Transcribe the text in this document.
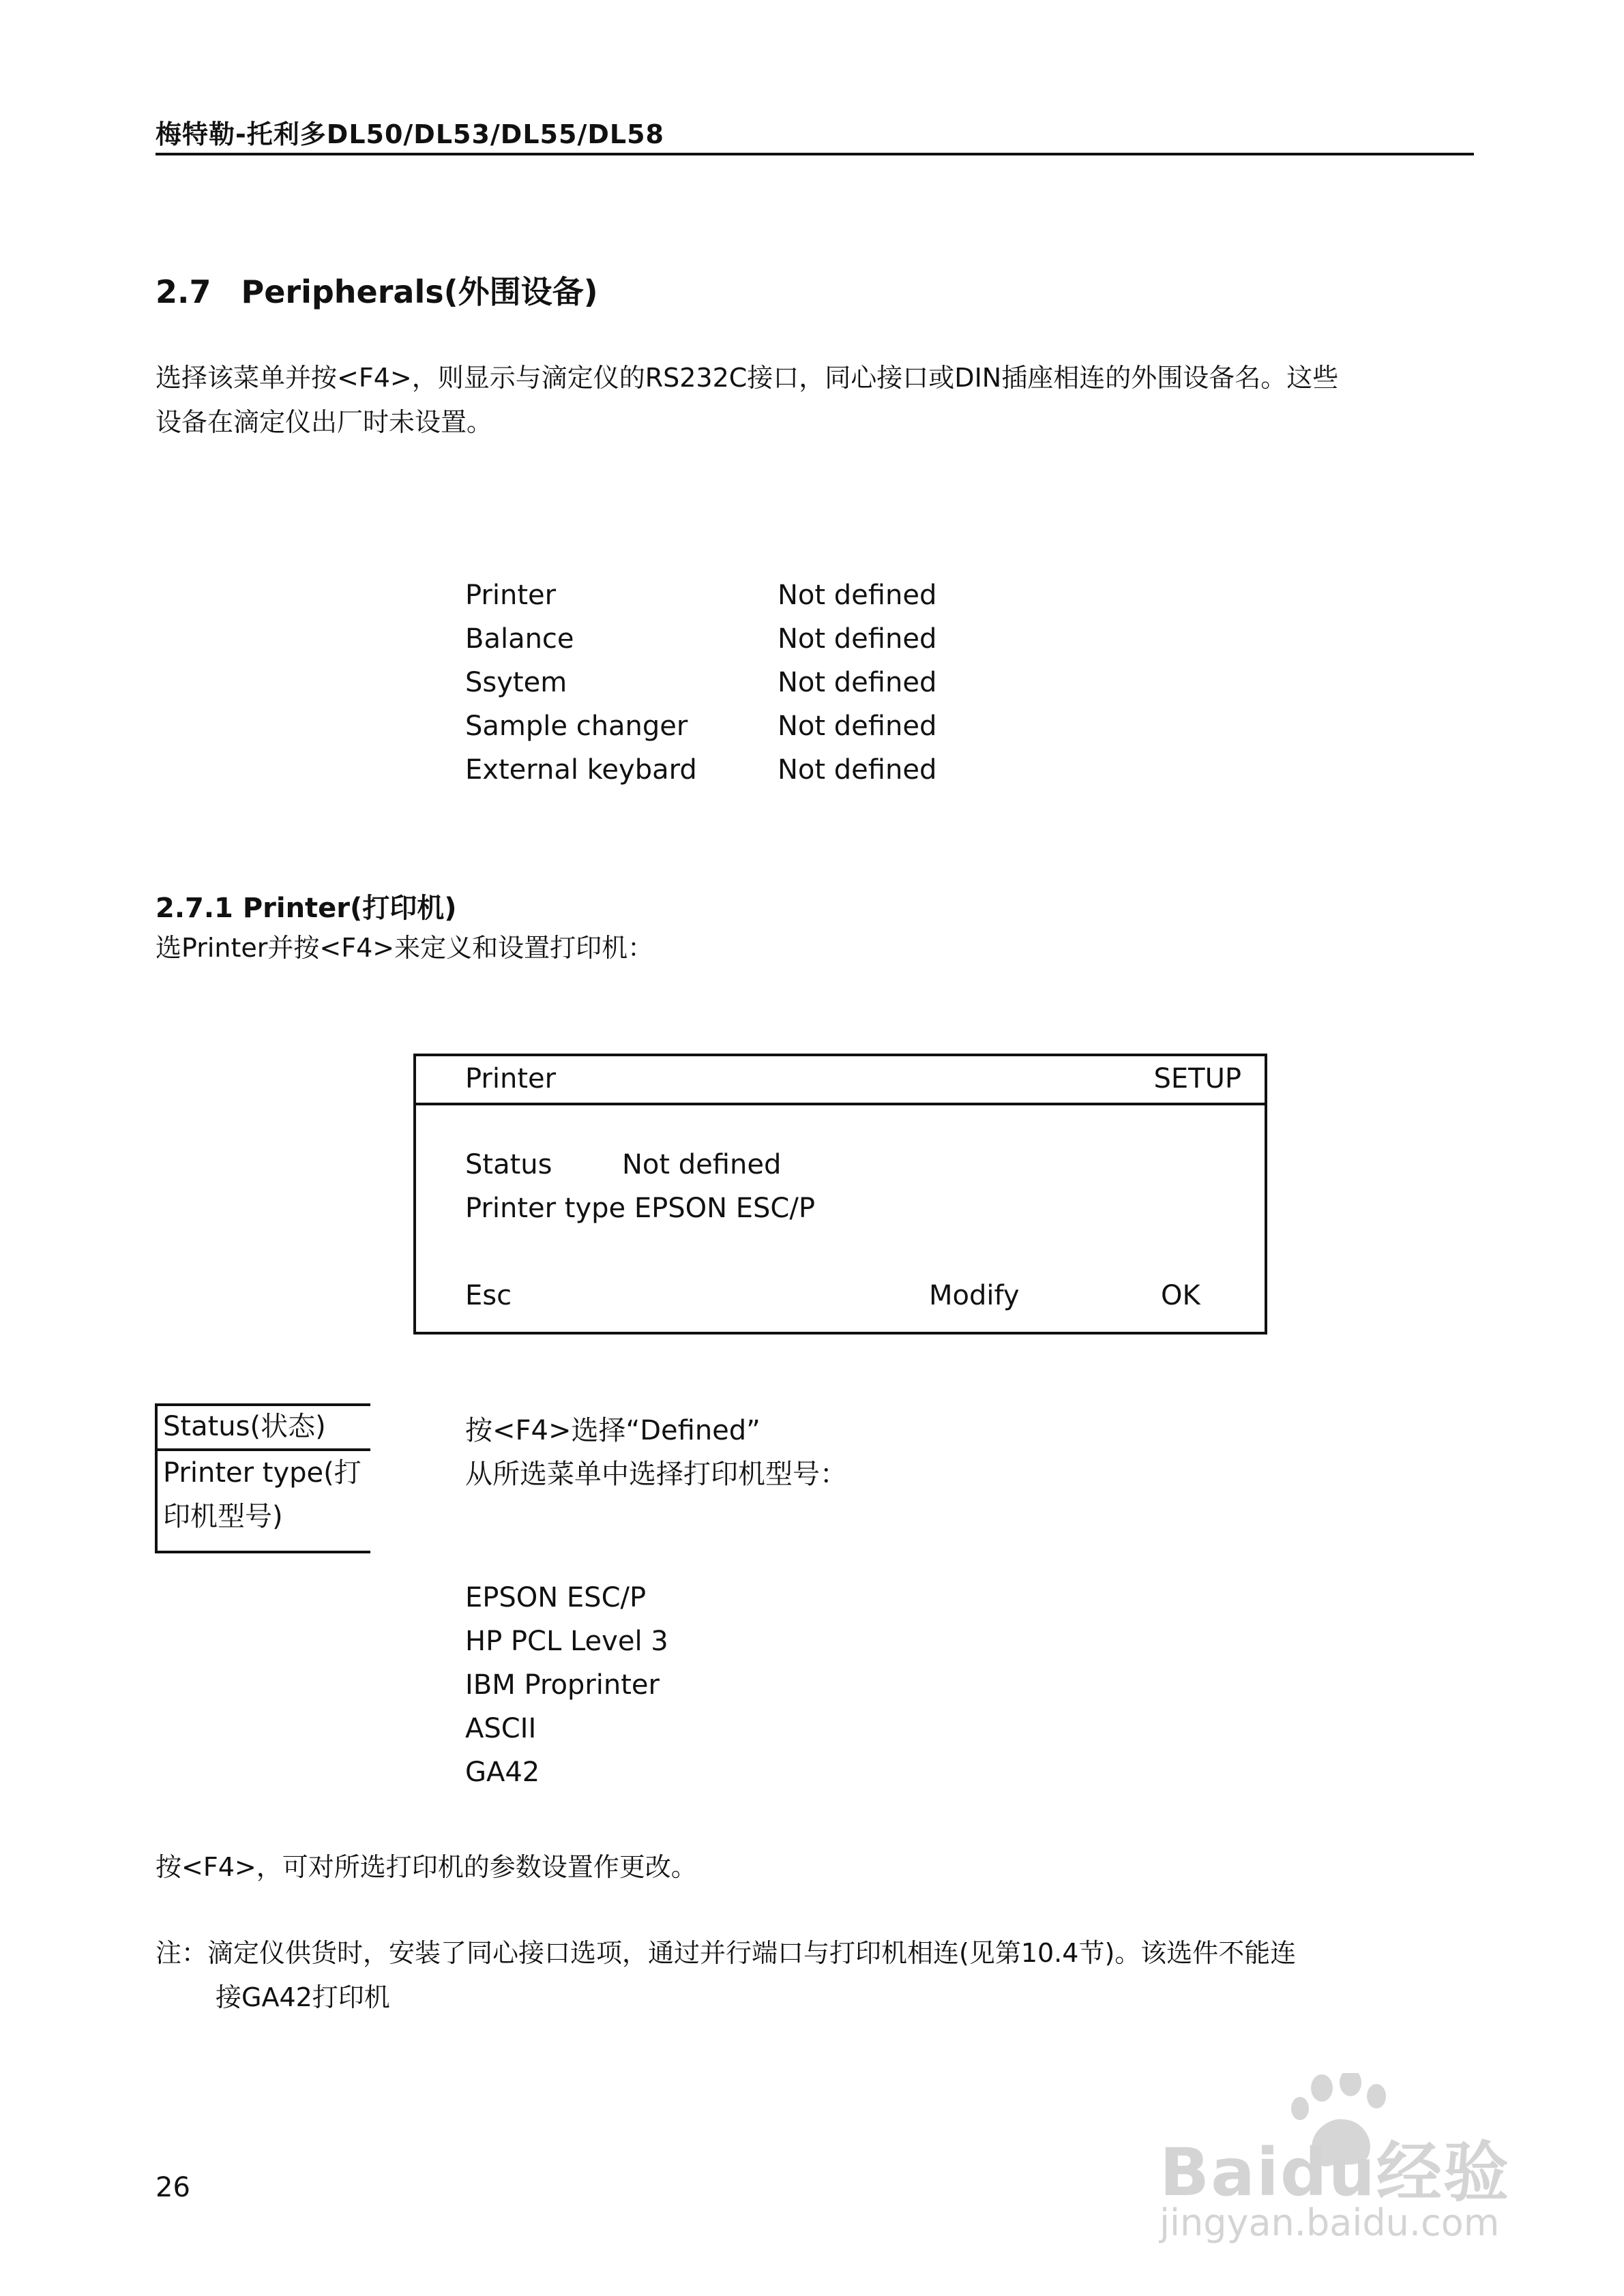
梅特勒-托利多DL50/DL53/DL55/DL58
2.7 Peripherals(外围设备)
选择该菜单并按<F4>，则显示与滴定仪的RS232C接口，同心接口或DIN插座相连的外围设备名。这些
设备在滴定仪出厂时未设置。
Printer	Not defined
Balance	Not defined
Ssytem	Not defined
Sample changer	Not defined
External keybard	Not defined
2.7.1 Printer(打印机)
选Printer并按<F4>来定义和设置打印机：
Printer	SETUP
Status	Not defined
Printer type EPSON ESC/P
Esc	Modify	OK
Status(状态)
Printer type(打印机型号)
按<F4>选择“Defined”
从所选菜单中选择打印机型号：
EPSON ESC/P
HP PCL Level 3
IBM Proprinter
ASCII
GA42
按<F4>，可对所选打印机的参数设置作更改。
注：滴定仪供货时，安装了同心接口选项，通过并行端口与打印机相连(见第10.4节)。该选件不能连
接GA42打印机
26	Baidu经验
jingyan.baidu.com
